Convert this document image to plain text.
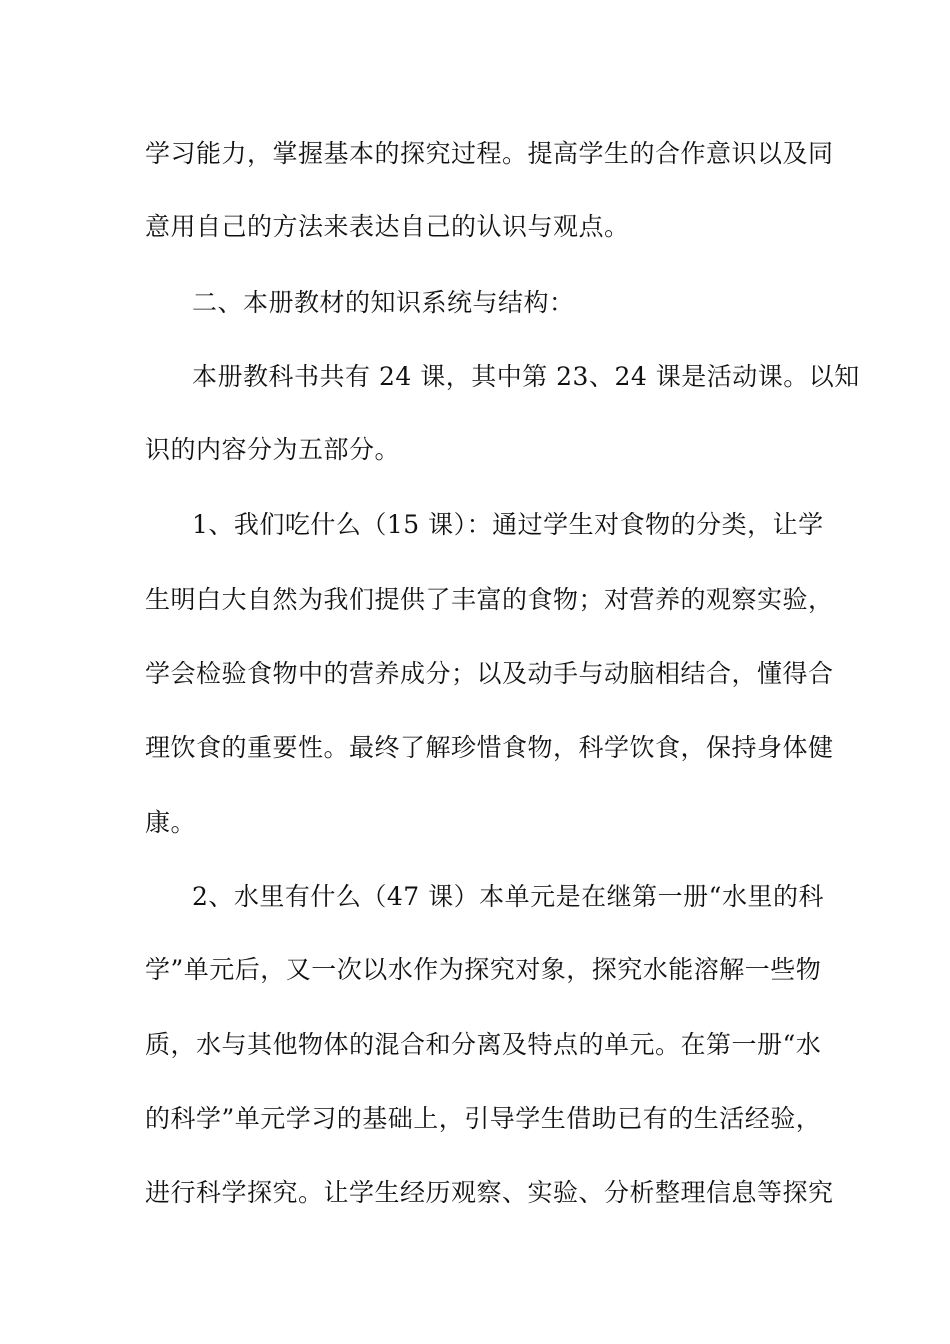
学习能力，掌握基本的探究过程。提高学生的合作意识以及同
意用自己的方法来表达自己的认识与观点。
二、本册教材的知识系统与结构：
本册教科书共有 24 课，其中第 23、24 课是活动课。以知
识的内容分为五部分。
1、我们吃什么（15 课）：通过学生对食物的分类，让学
生明白大自然为我们提供了丰富的食物；对营养的观察实验，
学会检验食物中的营养成分；以及动手与动脑相结合，懂得合
理饮食的重要性。最终了解珍惜食物，科学饮食，保持身体健
康。
2、水里有什么（47 课）本单元是在继第一册“水里的科
学”单元后，又一次以水作为探究对象，探究水能溶解一些物
质，水与其他物体的混合和分离及特点的单元。在第一册“水
的科学”单元学习的基础上，引导学生借助已有的生活经验，
进行科学探究。让学生经历观察、实验、分析整理信息等探究
